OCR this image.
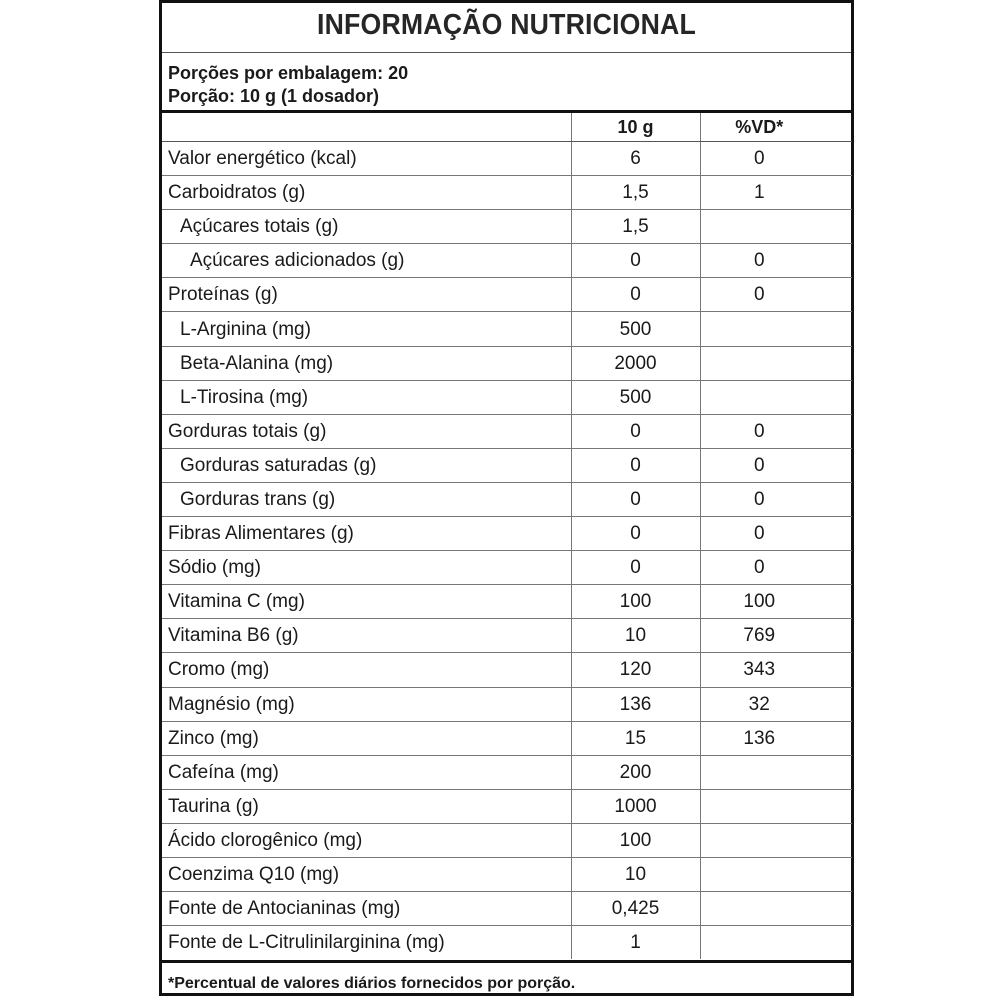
INFORMAÇÃO NUTRICIONAL
Porções por embalagem: 20
Porção: 10 g (1 dosador)
	10 g	%VD*
Valor energético (kcal)	6	0
Carboidratos (g)	1,5	1
Açúcares totais (g)	1,5	
Açúcares adicionados (g)	0	0
Proteínas (g)	0	0
L-Arginina (mg)	500	
Beta-Alanina (mg)	2000	
L-Tirosina (mg)	500	
Gorduras totais (g)	0	0
Gorduras saturadas (g)	0	0
Gorduras trans (g)	0	0
Fibras Alimentares (g)	0	0
Sódio (mg)	0	0
Vitamina C (mg)	100	100
Vitamina B6 (g)	10	769
Cromo (mg)	120	343
Magnésio (mg)	136	32
Zinco (mg)	15	136
Cafeína (mg)	200	
Taurina (g)	1000	
Ácido clorogênico (mg)	100	
Coenzima Q10 (mg)	10	
Fonte de Antocianinas (mg)	0,425	
Fonte de L-Citrulinilarginina (mg)	1	
*Percentual de valores diários fornecidos por porção.
